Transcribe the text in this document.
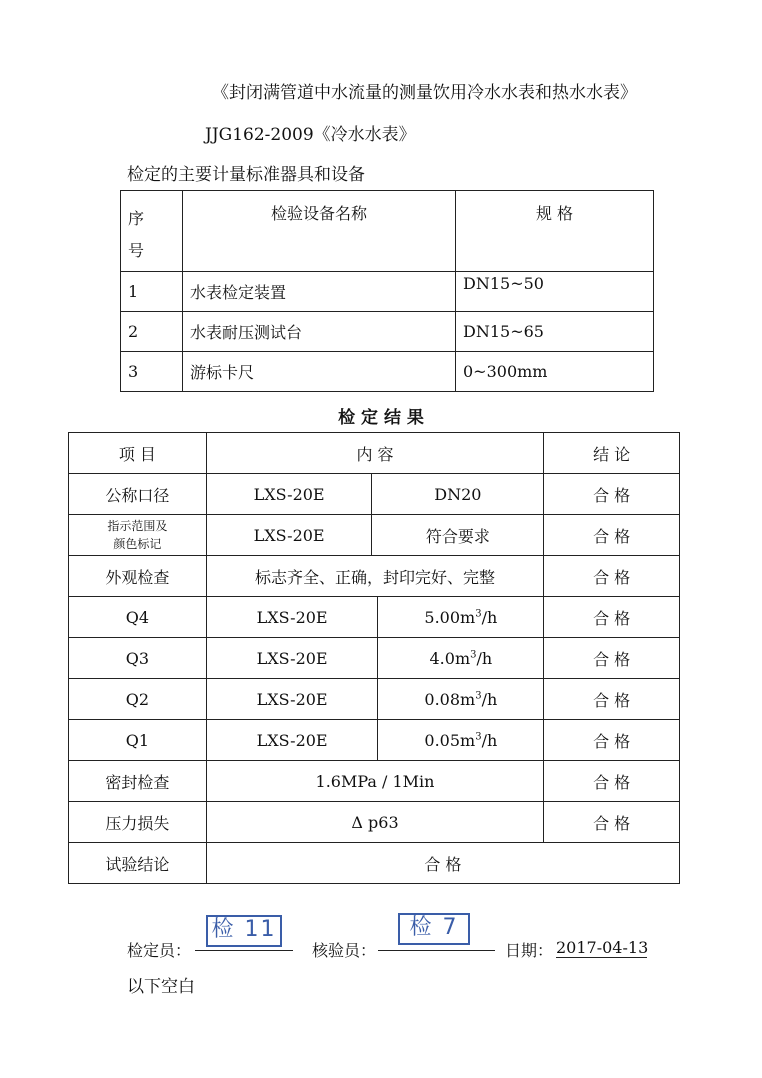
《封闭满管道中水流量的测量饮用冷水水表和热水水表》
JJG162-2009《冷水水表》
检定的主要计量标准器具和设备
序
号	检验设备名称	规 格
1	水表检定装置	DN15~50
2	水表耐压测试台	DN15~65
3	游标卡尺	0~300mm
检 定 结 果
项 目	内 容			结 论
公称口径	LXS-20E	DN20		合 格

指示范围及
颜色标记	LXS-20E	符合要求		合 格
外观检查	标志齐全、正确，封印完好、完整			合 格
Q4	LXS-20E		$5.00m^3/h$	合 格
Q3	LXS-20E		$4.0m^3/h$	合 格
Q2	LXS-20E		$0.08m^3/h$	合 格
Q1	LXS-20E		$0.05m^3/h$	合 格
密封检查	1.6MPa / 1Min			合 格
压力损失	Δ p63			合 格
试验结论	合 格			
检定员：
检 11
核验员：
检 7
日期： 2017-04-13
以下空白
